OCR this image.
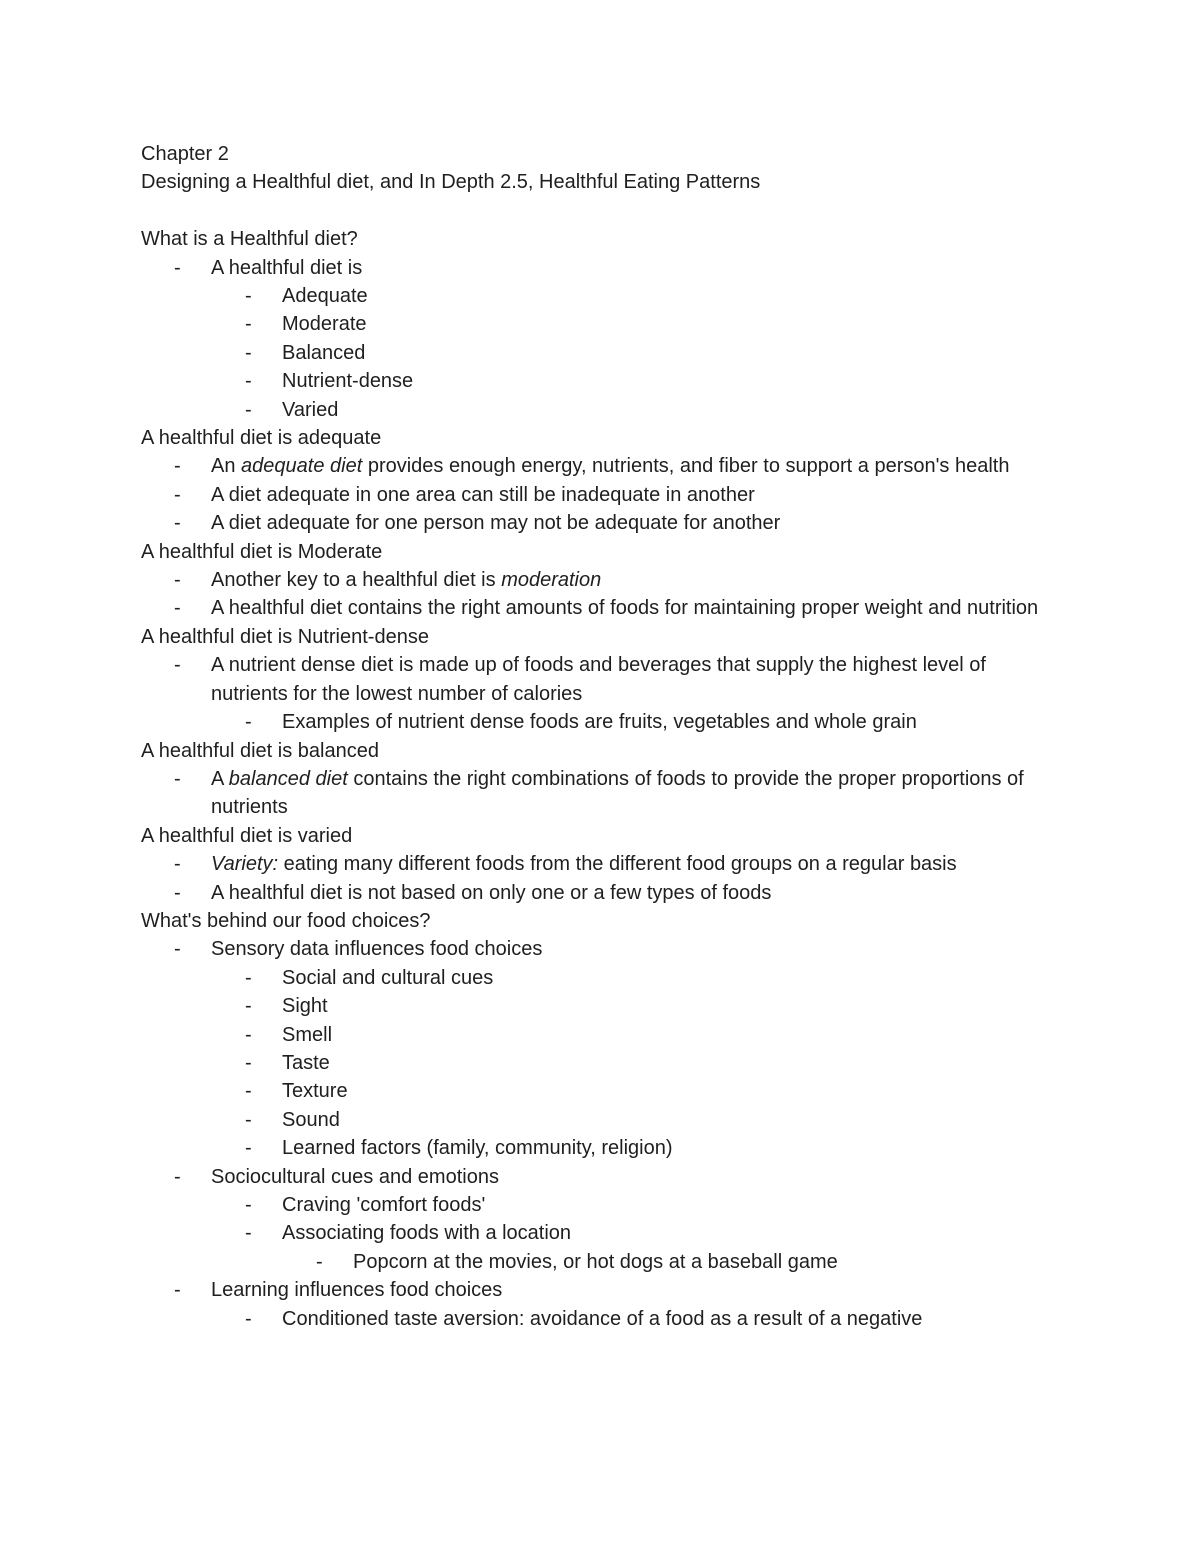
Chapter 2
Designing a Healthful diet, and In Depth 2.5, Healthful Eating Patterns
What is a Healthful diet?
- A healthful diet is
- Adequate
- Moderate
- Balanced
- Nutrient-dense
- Varied
A healthful diet is adequate
- An adequate diet provides enough energy, nutrients, and fiber to support a person's health
- A diet adequate in one area can still be inadequate in another
- A diet adequate for one person may not be adequate for another
A healthful diet is Moderate
- Another key to a healthful diet is moderation
- A healthful diet contains the right amounts of foods for maintaining proper weight and nutrition
A healthful diet is Nutrient-dense
- A nutrient dense diet is made up of foods and beverages that supply the highest level of nutrients for the lowest number of calories
- Examples of nutrient dense foods are fruits, vegetables and whole grain
A healthful diet is balanced
- A balanced diet contains the right combinations of foods to provide the proper proportions of nutrients
A healthful diet is varied
- Variety: eating many different foods from the different food groups on a regular basis
- A healthful diet is not based on only one or a few types of foods
What's behind our food choices?
- Sensory data influences food choices
- Social and cultural cues
- Sight
- Smell
- Taste
- Texture
- Sound
- Learned factors (family, community, religion)
- Sociocultural cues and emotions
- Craving 'comfort foods'
- Associating foods with a location
- Popcorn at the movies, or hot dogs at a baseball game
- Learning influences food choices
- Conditioned taste aversion: avoidance of a food as a result of a negative
